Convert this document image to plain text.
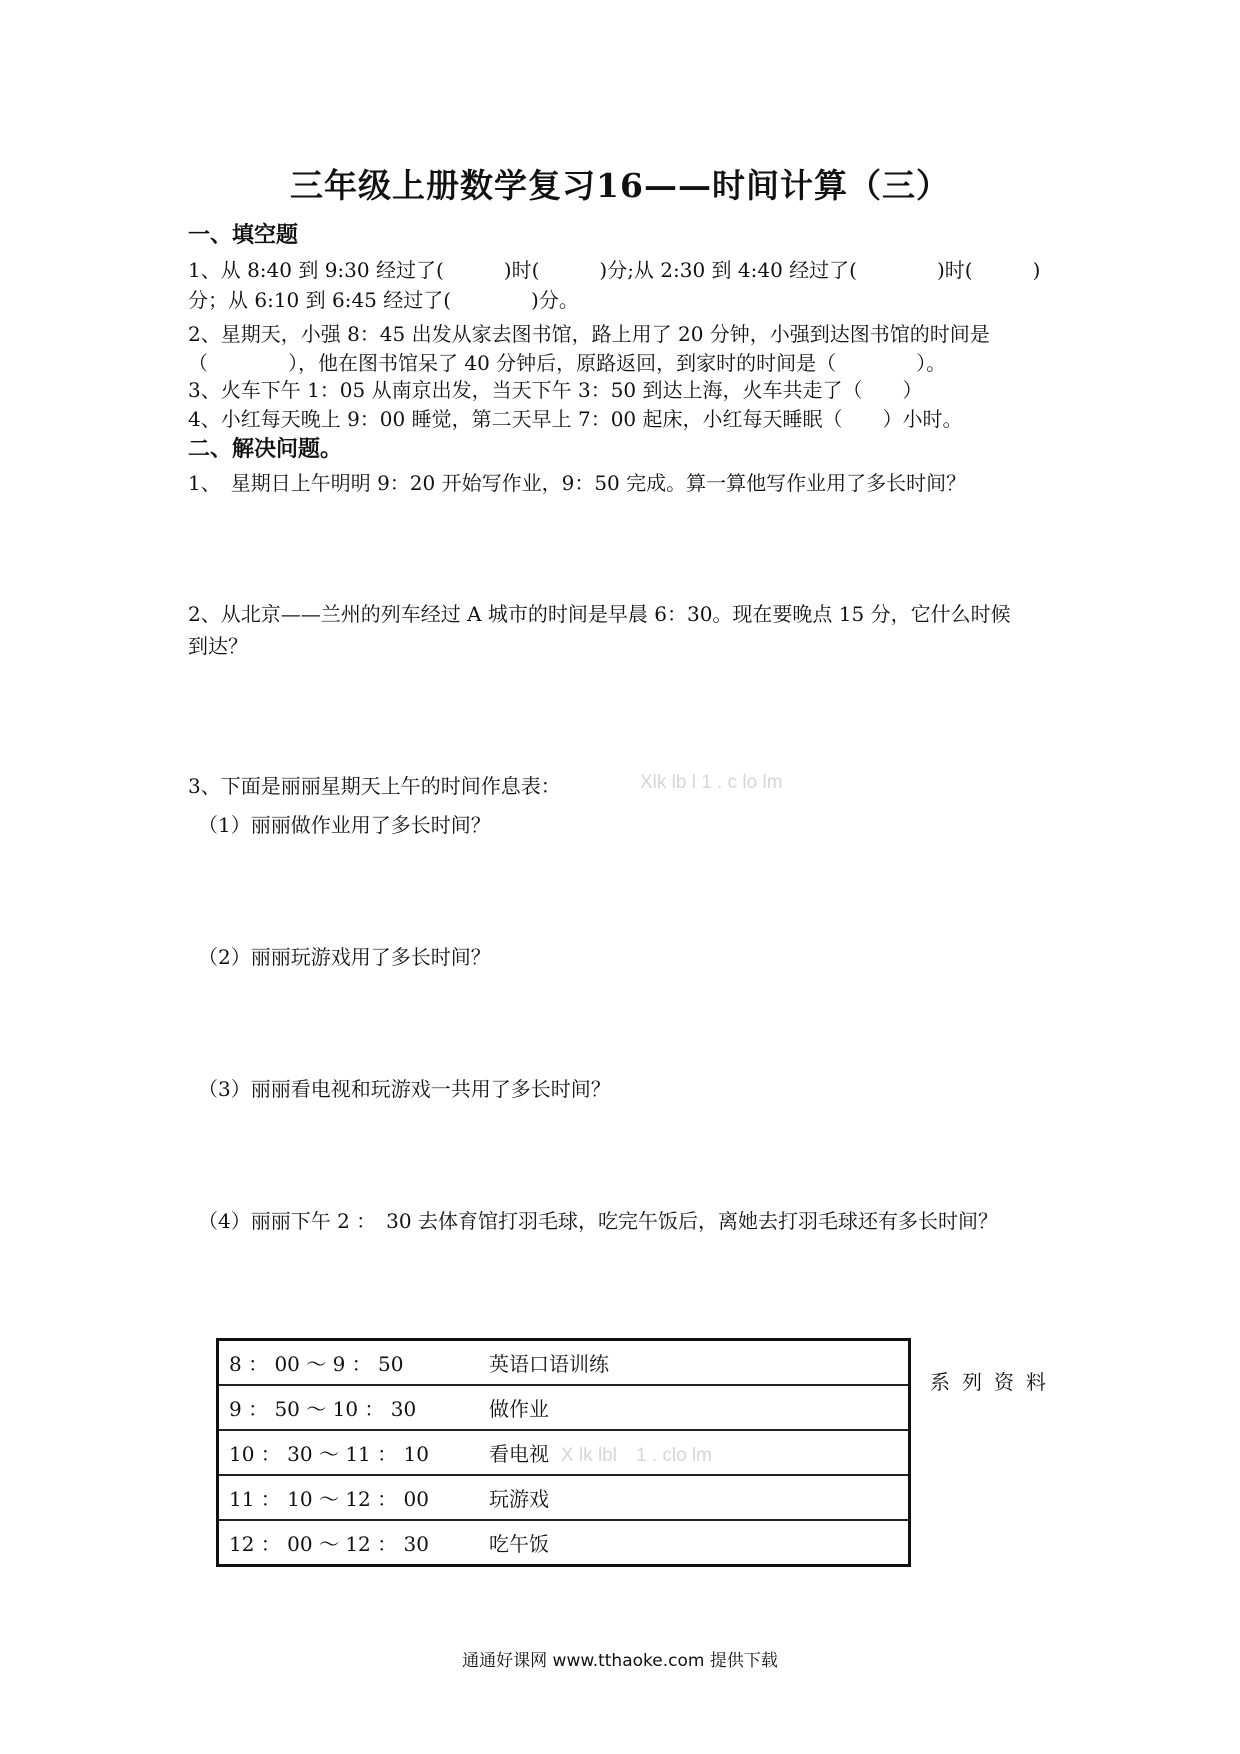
三年级上册数学复习16——时间计算（三）
一、填空题
1、从 8:40 到 9:30 经过了(　　　)时(　　　)分;从 2:30 到 4:40 经过了(　　　　)时(　　　)
分；从 6:10 到 6:45 经过了(　　　　)分。
2、星期天，小强 8：45 出发从家去图书馆，路上用了 20 分钟，小强到达图书馆的时间是
（　　　　），他在图书馆呆了 40 分钟后，原路返回，到家时的时间是（　　　　）。
3、火车下午 1：05 从南京出发，当天下午 3：50 到达上海，火车共走了（　　）
4、小红每天晚上 9：00 睡觉，第二天早上 7：00 起床，小红每天睡眠（　　）小时。
二、解决问题。
1、　星期日上午明明 9：20 开始写作业，9：50 完成。算一算他写作业用了多长时间？
2、从北京——兰州的列车经过 A 城市的时间是早晨 6：30。现在要晚点 15 分，它什么时候
到达？
3、下面是丽丽星期天上午的时间作息表：	Xlk lb l 1 . c lo lm
（1）丽丽做作业用了多长时间？
（2）丽丽玩游戏用了多长时间？
（3）丽丽看电视和玩游戏一共用了多长时间？
（4）丽丽下午 2 ：　30 去体育馆打羽毛球，吃完午饭后，离她去打羽毛球还有多长时间？
8 ： 00 ～ 9 ： 50	英语口语训练
9 ： 50 ～ 10 ： 30	做作业
10 ： 30 ～ 11 ： 10	看电视 X lk lbl　1 . clo lm
11 ： 10 ～ 12 ： 00	玩游戏
12 ： 00 ～ 12 ： 30	吃午饭
系列资料
通通好课网 www.tthaoke.com 提供下载
